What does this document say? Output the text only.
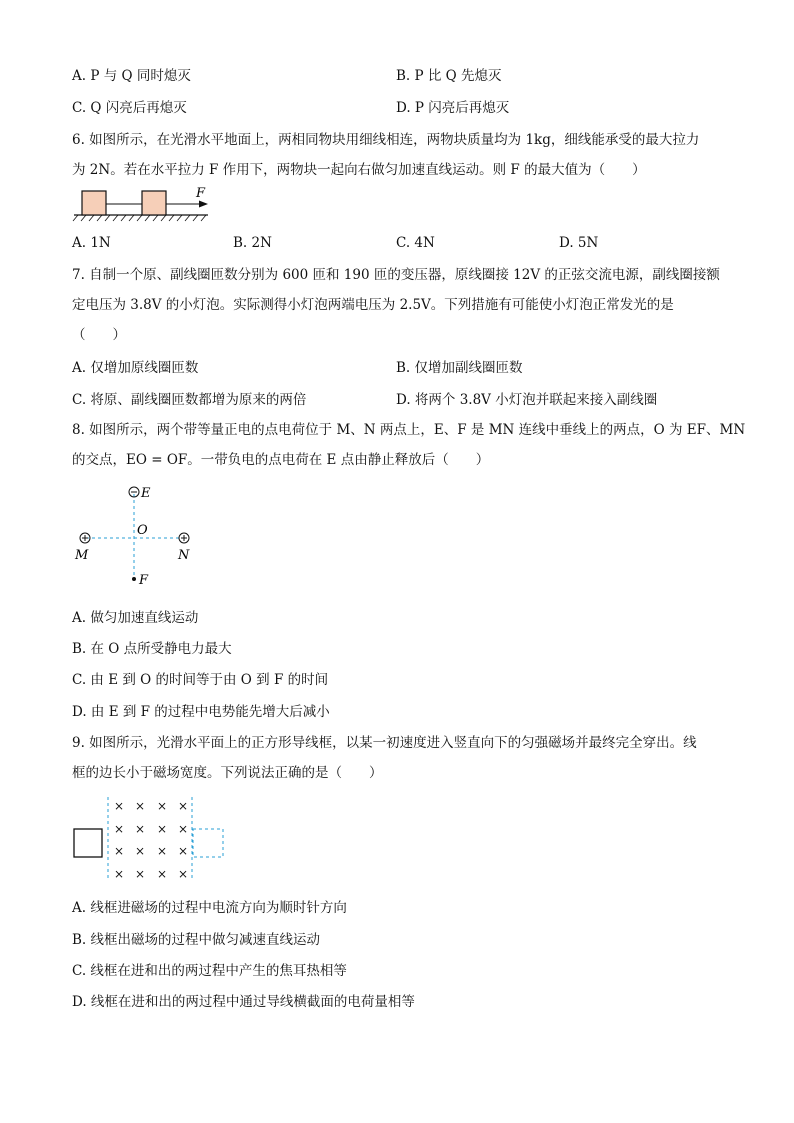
A. P 与 Q 同时熄灭	B. P 比 Q 先熄灭
C. Q 闪亮后再熄灭	D. P 闪亮后再熄灭
6. 如图所示，在光滑水平地面上，两相同物块用细线相连，两物块质量均为 1kg，细线能承受的最大拉力
为 2N。若在水平拉力 F 作用下，两物块一起向右做匀加速直线运动。则 F 的最大值为（　　）
F
A. 1N	B. 2N	C. 4N	D. 5N
7. 自制一个原、副线圈匝数分别为 600 匝和 190 匝的变压器，原线圈接 12V 的正弦交流电源，副线圈接额
定电压为 3.8V 的小灯泡。实际测得小灯泡两端电压为 2.5V。下列措施有可能使小灯泡正常发光的是
（　　）
A. 仅增加原线圈匝数	B. 仅增加副线圈匝数
C. 将原、副线圈匝数都增为原来的两倍	D. 将两个 3.8V 小灯泡并联起来接入副线圈
8. 如图所示，两个带等量正电的点电荷位于 M、N 两点上，E、F 是 MN 连线中垂线上的两点，O 为 EF、MN
的交点，EO = OF。一带负电的点电荷在 E 点由静止释放后（　　）
E
O
M	N
F
A. 做匀加速直线运动
B. 在 O 点所受静电力最大
C. 由 E 到 O 的时间等于由 O 到 F 的时间
D. 由 E 到 F 的过程中电势能先增大后减小
9. 如图所示，光滑水平面上的正方形导线框，以某一初速度进入竖直向下的匀强磁场并最终完全穿出。线
框的边长小于磁场宽度。下列说法正确的是（　　）
× × × ×
× × × ×
× × × ×
× × × ×
A. 线框进磁场的过程中电流方向为顺时针方向
B. 线框出磁场的过程中做匀减速直线运动
C. 线框在进和出的两过程中产生的焦耳热相等
D. 线框在进和出的两过程中通过导线横截面的电荷量相等
